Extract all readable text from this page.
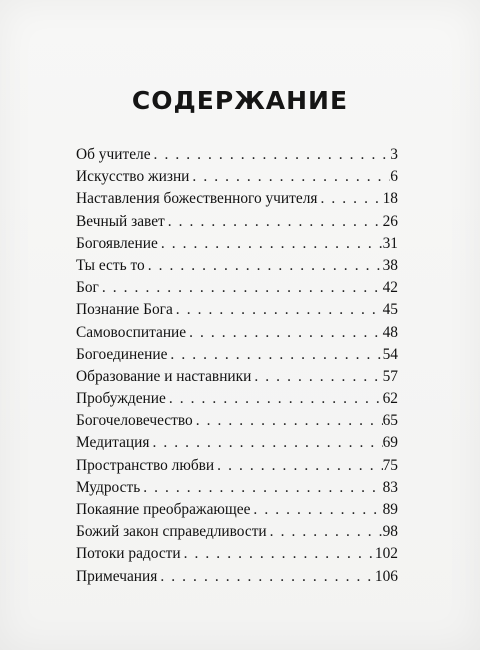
СОДЕРЖАНИЕ
Об учителе . . .	3
Искусство жизни . . .	6
Наставления божественного учителя . . .	18
Вечный завет . . .	26
Богоявление . . .	31
Ты есть то . . .	38
Бог . . .	42
Познание Бога . . .	45
Самовоспитание . . .	48
Богоединение . . .	54
Образование и наставники . . .	57
Пробуждение . . .	62
Богочеловечество . . .	65
Медитация . . .	69
Пространство любви . . .	75
Мудрость . . .	83
Покаяние преображающее . . .	89
Божий закон справедливости . . .	98
Потоки радости . . .	102
Примечания . . .	106
